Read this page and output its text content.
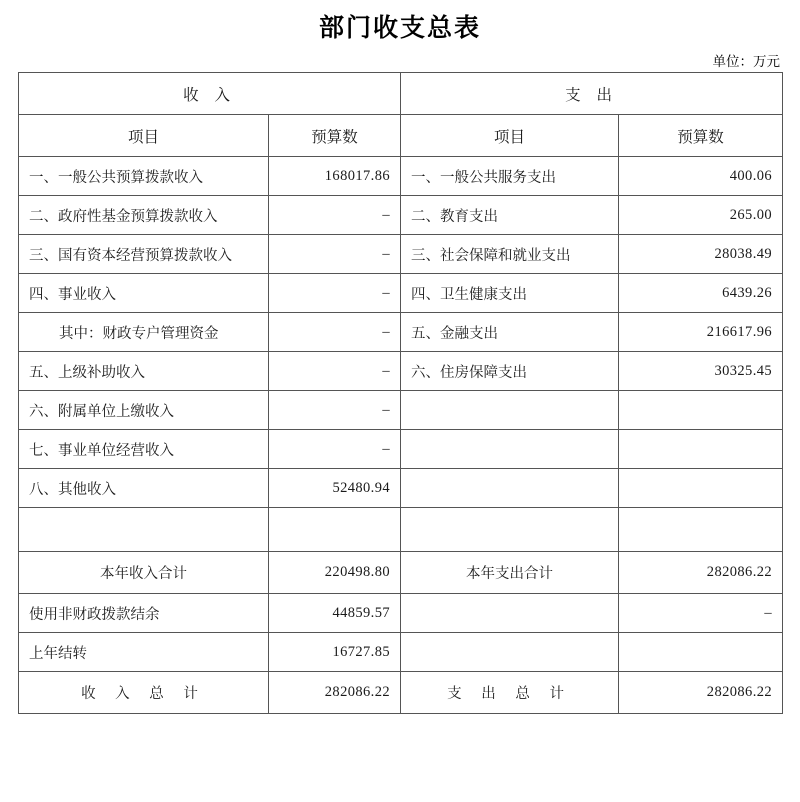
部门收支总表
单位：万元
收 入		支 出	
项目	预算数	项目	预算数
一、一般公共预算拨款收入	168017.86	一、一般公共服务支出	400.06
二、政府性基金预算拨款收入	–	二、教育支出	265.00
三、国有资本经营预算拨款收入	–	三、社会保障和就业支出	28038.49
四、事业收入	–	四、卫生健康支出	6439.26
其中：财政专户管理资金	–	五、金融支出	216617.96
五、上级补助收入	–	六、住房保障支出	30325.45
六、附属单位上缴收入	–		
七、事业单位经营收入	–		
八、其他收入	52480.94		

本年收入合计	220498.80	本年支出合计	282086.22
使用非财政拨款结余	44859.57		–
上年结转	16727.85		
收 入 总 计	282086.22	支 出 总 计	282086.22
